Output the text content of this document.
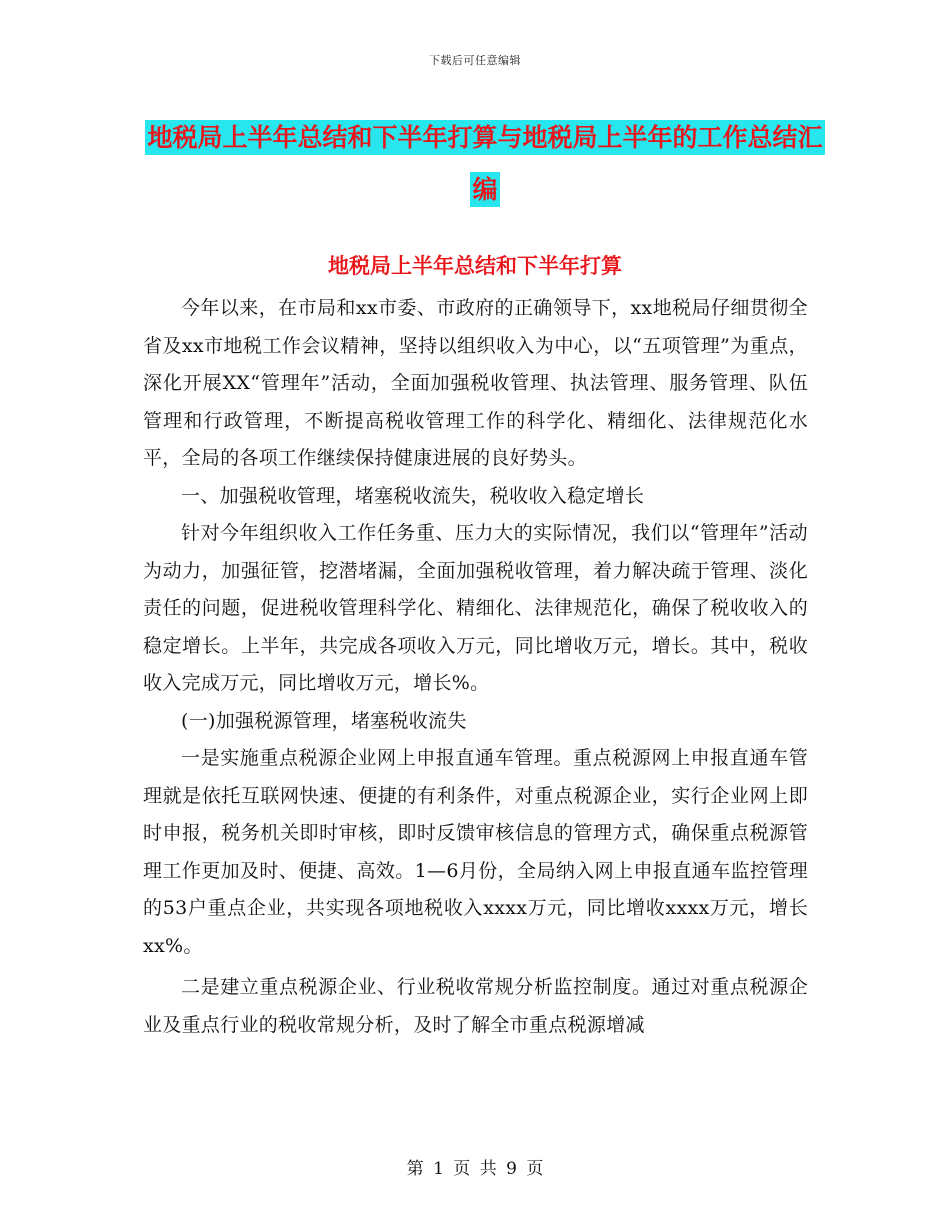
下载后可任意编辑
地税局上半年总结和下半年打算与地税局上半年的工作总结汇编
地税局上半年总结和下半年打算

今年以来，在市局和xx市委、市政府的正确领导下，xx地税局仔细贯彻全省及xx市地税工作会议精神，坚持以组织收入为中心，以“五项管理”为重点，深化开展XX“管理年”活动，全面加强税收管理、执法管理、服务管理、队伍管理和行政管理，不断提高税收管理工作的科学化、精细化、法律规范化水平，全局的各项工作继续保持健康进展的良好势头。

一、加强税收管理，堵塞税收流失，税收收入稳定增长

针对今年组织收入工作任务重、压力大的实际情况，我们以“管理年”活动为动力，加强征管，挖潜堵漏，全面加强税收管理，着力解决疏于管理、淡化责任的问题，促进税收管理科学化、精细化、法律规范化，确保了税收收入的稳定增长。上半年，共完成各项收入万元，同比增收万元，增长。其中，税收收入完成万元，同比增收万元，增长%。

(一)加强税源管理，堵塞税收流失

一是实施重点税源企业网上申报直通车管理。重点税源网上申报直通车管理就是依托互联网快速、便捷的有利条件，对重点税源企业，实行企业网上即时申报，税务机关即时审核，即时反馈审核信息的管理方式，确保重点税源管理工作更加及时、便捷、高效。1—6月份，全局纳入网上申报直通车监控管理的53户重点企业，共实现各项地税收入xxxx万元，同比增收xxxx万元，增长xx%。

二是建立重点税源企业、行业税收常规分析监控制度。通过对重点税源企业及重点行业的税收常规分析，及时了解全市重点税源增减

第 1 页 共 9 页
